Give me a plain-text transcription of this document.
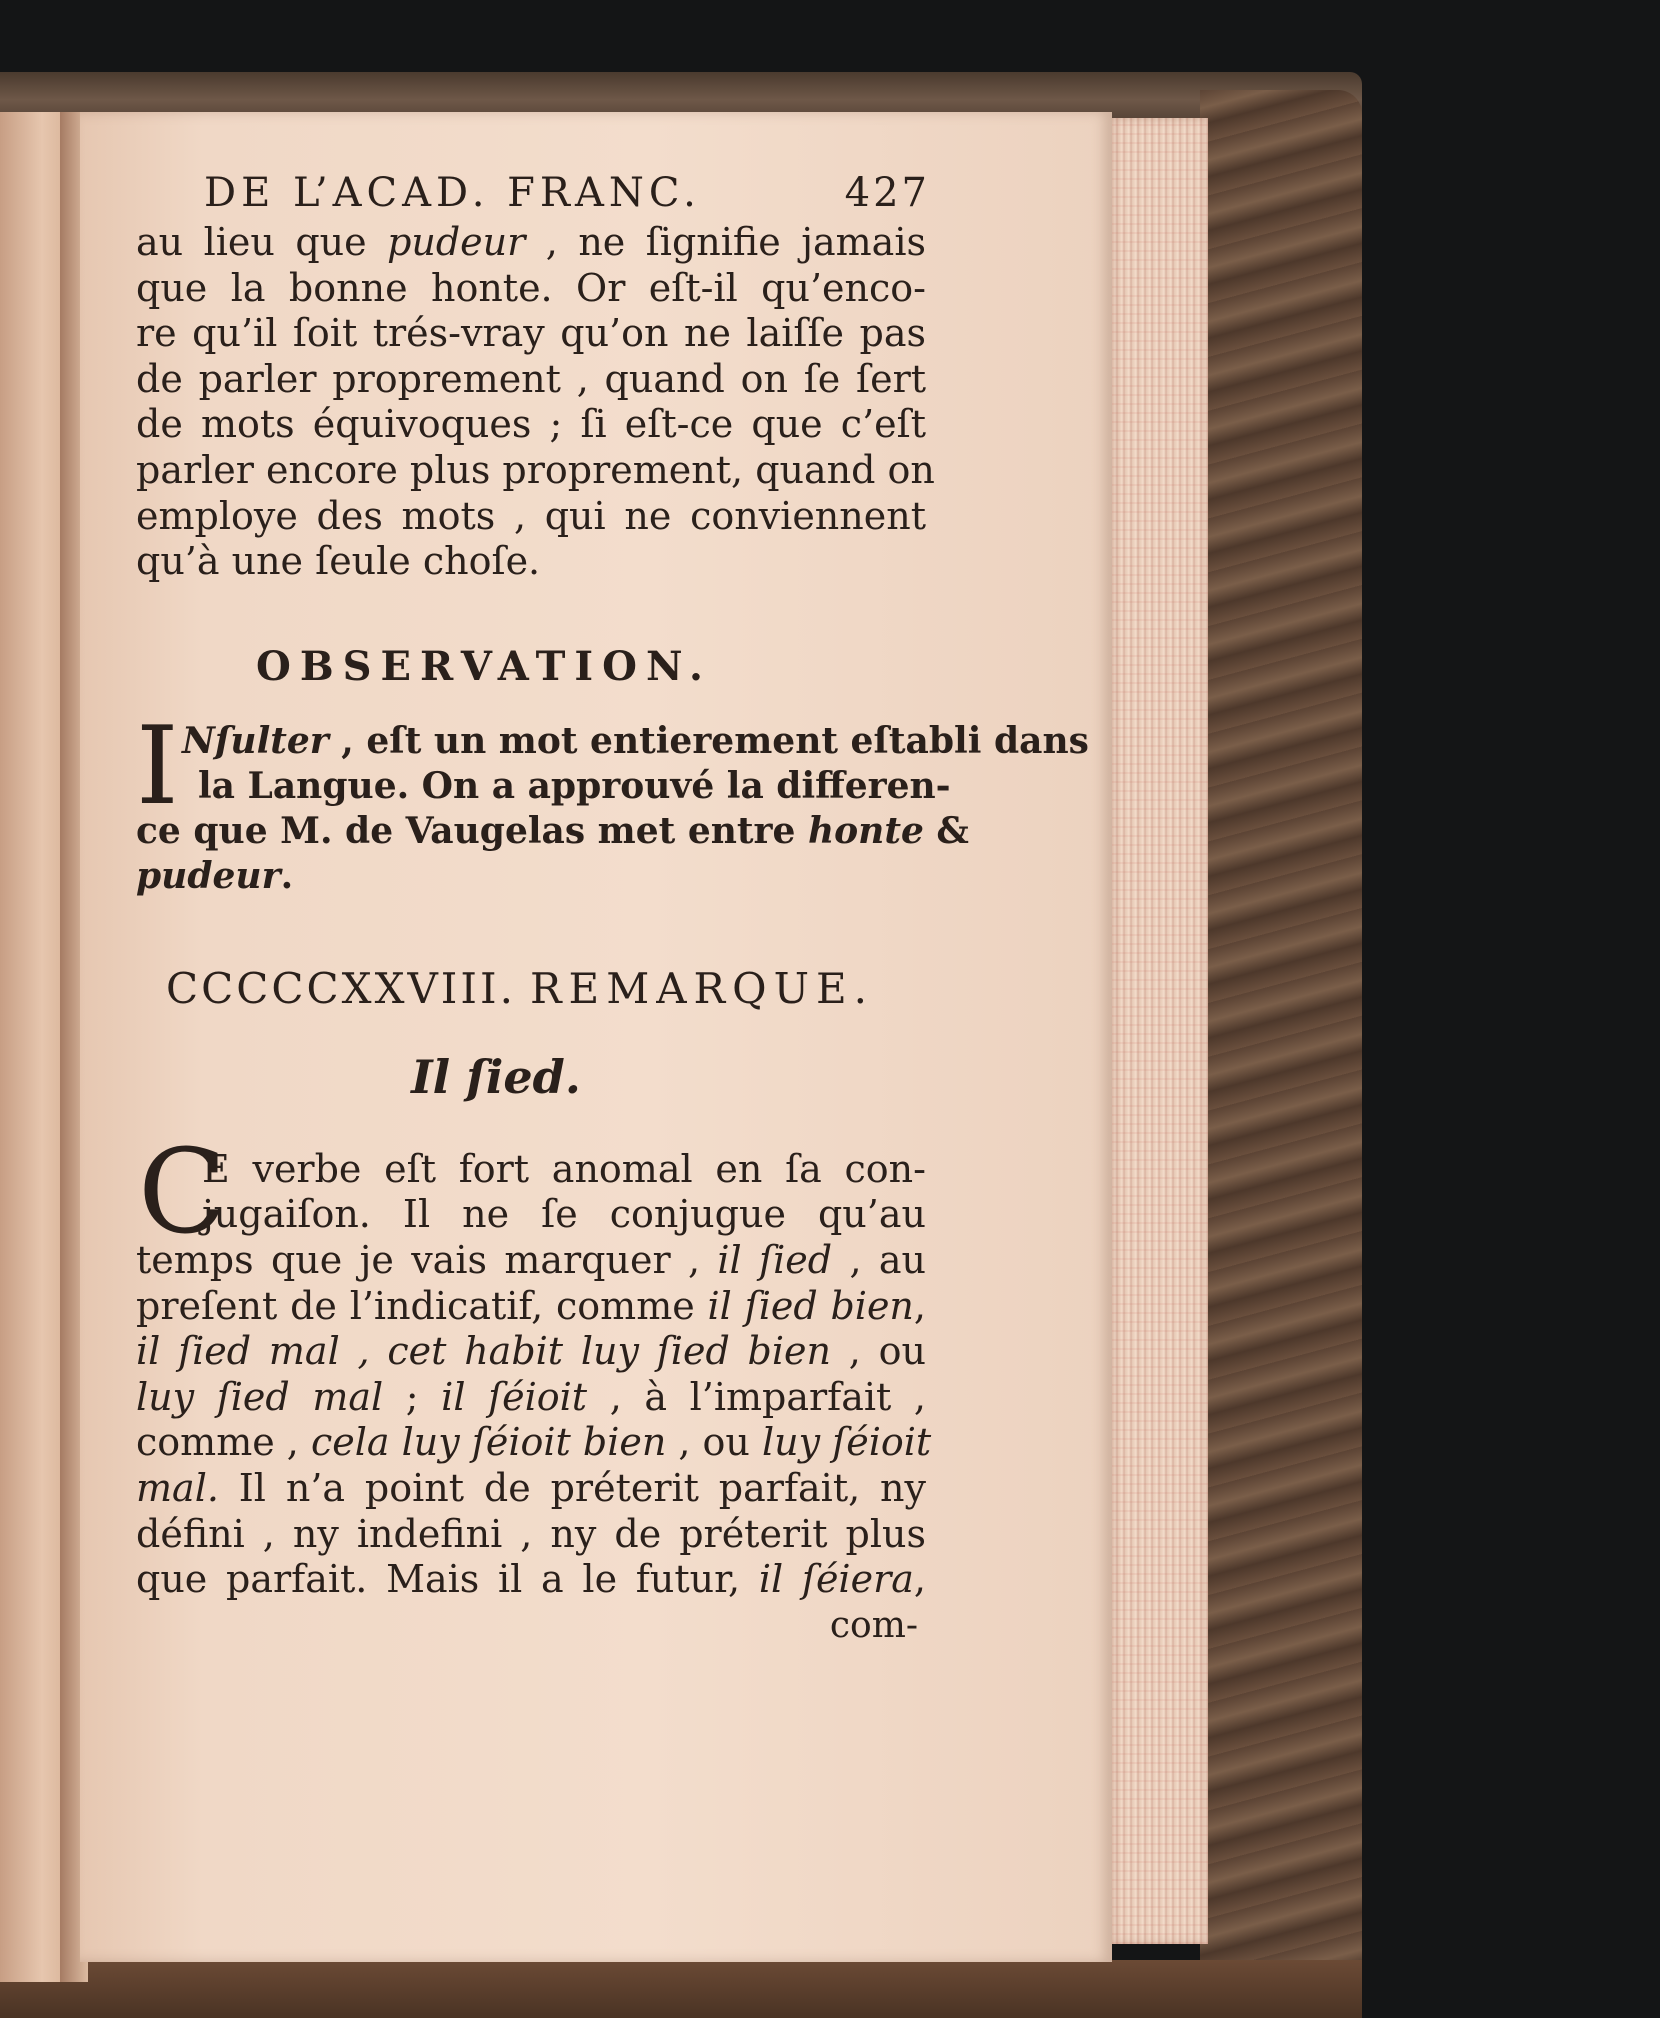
DE L’ACAD. FRANC.	427
au lieu que pudeur , ne ſignifie jamais
que la bonne honte. Or eſt-il qu’enco-
re qu’il ſoit trés-vray qu’on ne laiſſe pas
de parler proprement , quand on ſe ſert
de mots équivoques ; ſi eſt-ce que c’eſt
parler encore plus proprement, quand on
employe des mots , qui ne conviennent
qu’à une ſeule choſe.
OBSERVATION.
I Nſulter , eſt un mot entierement eſtabli dans
la Langue. On a approuvé la differen-
ce que M. de Vaugelas met entre honte &
pudeur.
CCCCCXXVIII. REMARQUE.
Il ſied.
C
E verbe eſt fort anomal en ſa con-
jugaiſon. Il ne ſe conjugue qu’au
temps que je vais marquer , il ſied , au
preſent de l’indicatif, comme il ſied bien,
il ſied mal , cet habit luy ſied bien , ou
luy ſied mal ; il ſéioit , à l’imparfait ,
comme , cela luy ſéioit bien , ou luy ſéioit
mal. Il n’a point de préterit parfait, ny
défini , ny indefini , ny de préterit plus
que parfait. Mais il a le futur, il ſéiera,
com-
